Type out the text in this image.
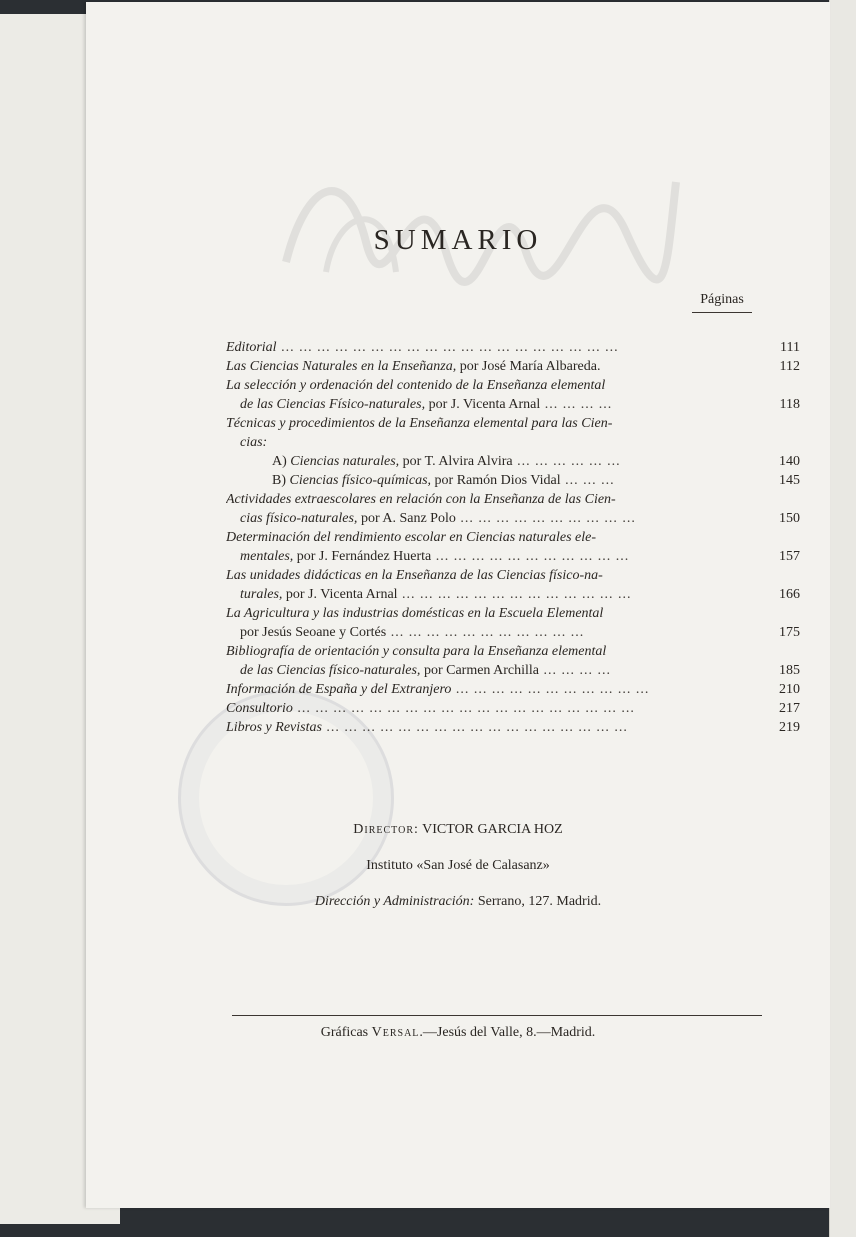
SUMARIO
Páginas
Editorial ... ... ... ... ... ... ... ... ... ... ... ... ... ... ... ... ... ... ...	111
Las Ciencias Naturales en la Enseñanza, por José María Albareda.	112
La selección y ordenación del contenido de la Enseñanza elemental
de las Ciencias Físico-naturales, por J. Vicenta Arnal ... ... ... ...	118
Técnicas y procedimientos de la Enseñanza elemental para las Cien-
cias:
A) Ciencias naturales, por T. Alvira Alvira ... ... ... ... ... ...	140
B) Ciencias físico-químicas, por Ramón Dios Vidal ... ... ...	145
Actividades extraescolares en relación con la Enseñanza de las Cien-
cias físico-naturales, por A. Sanz Polo ... ... ... ... ... ... ... ... ... ...	150
Determinación del rendimiento escolar en Ciencias naturales ele-
mentales, por J. Fernández Huerta ... ... ... ... ... ... ... ... ... ... ...	157
Las unidades didácticas en la Enseñanza de las Ciencias físico-na-
turales, por J. Vicenta Arnal ... ... ... ... ... ... ... ... ... ... ... ... ...	166
La Agricultura y las industrias domésticas en la Escuela Elemental
por Jesús Seoane y Cortés ... ... ... ... ... ... ... ... ... ... ...	175
Bibliografía de orientación y consulta para la Enseñanza elemental
de las Ciencias físico-naturales, por Carmen Archilla ... ... ... ...	185
Información de España y del Extranjero ... ... ... ... ... ... ... ... ... ... ...	210
Consultorio ... ... ... ... ... ... ... ... ... ... ... ... ... ... ... ... ... ... ...	217
Libros y Revistas ... ... ... ... ... ... ... ... ... ... ... ... ... ... ... ... ...	219
Director: VICTOR GARCIA HOZ
Instituto «San José de Calasanz»
Dirección y Administración: Serrano, 127. Madrid.
Gráficas Versal.—Jesús del Valle, 8.—Madrid.
